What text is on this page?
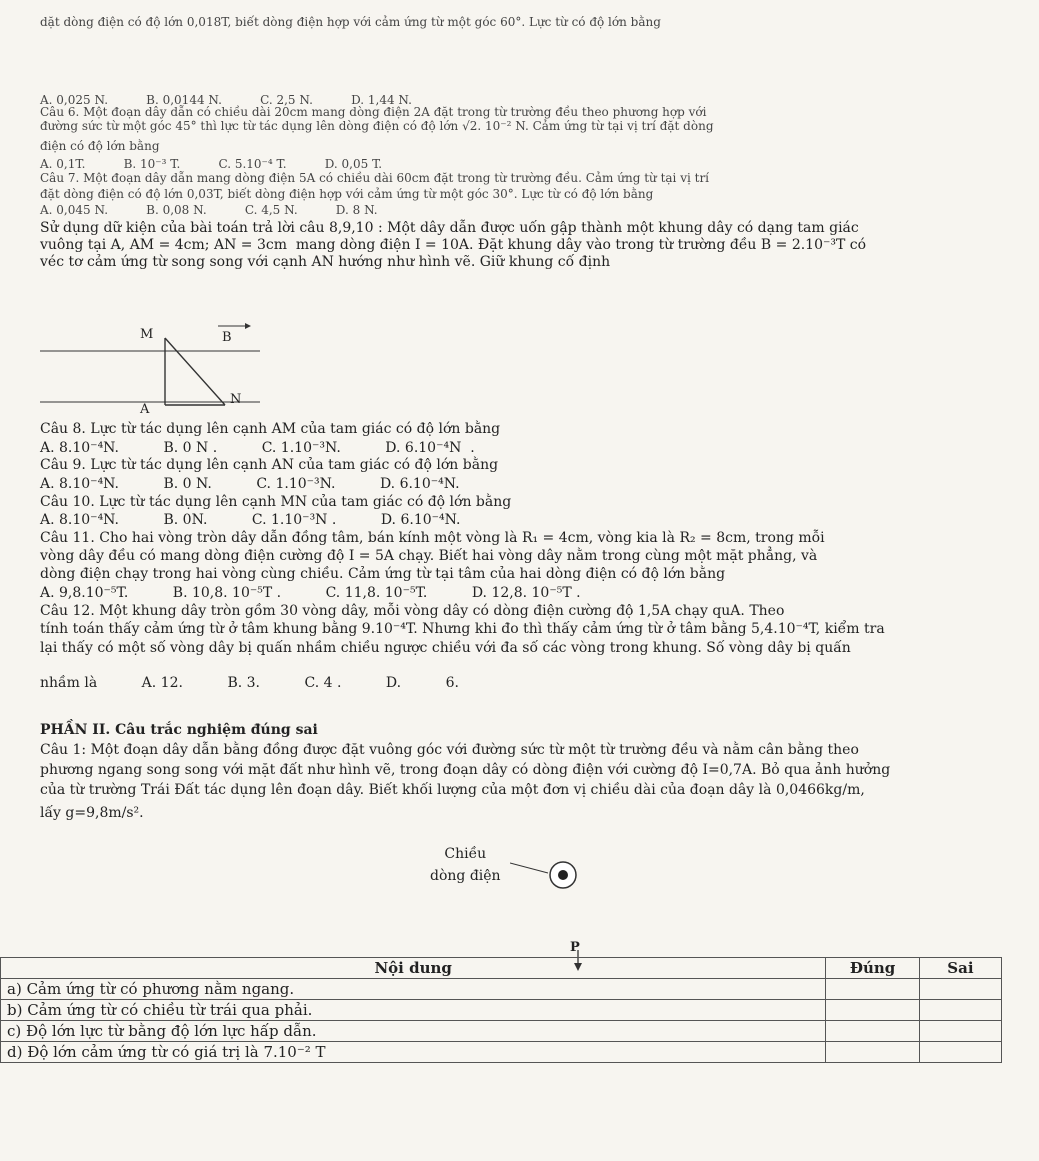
dặt dòng điện có độ lớn 0,018T, biết dòng điện hợp với cảm ứng từ một góc 60°. Lực từ có độ lớn bằng
A. 0,025 N.          B. 0,0144 N.          C. 2,5 N.          D. 1,44 N.
Câu 6. Một đoạn dây dẫn có chiều dài 20cm mang dòng điện 2A đặt trong từ trường đều theo phương hợp với
đường sức từ một góc 45° thì lực từ tác dụng lên dòng điện có độ lớn √2. 10⁻² N. Cảm ứng từ tại vị trí đặt dòng
điện có độ lớn bằng
A. 0,1T.          B. 10⁻³ T.          C. 5.10⁻⁴ T.          D. 0,05 T.
Câu 7. Một đoạn dây dẫn mang dòng điện 5A có chiều dài 60cm đặt trong từ trường đều. Cảm ứng từ tại vị trí
đặt dòng điện có độ lớn 0,03T, biết dòng điện hợp với cảm ứng từ một góc 30°. Lực từ có độ lớn bằng
A. 0,045 N.          B. 0,08 N.          C. 4,5 N.          D. 8 N.
Sử dụng dữ kiện của bài toán trả lời câu 8,9,10 : Một dây dẫn được uốn gập thành một khung dây có dạng tam giác
vuông tại A, AM = 4cm; AN = 3cm  mang dòng điện I = 10A. Đặt khung dây vào trong từ trường đều B = 2.10⁻³T có
véc tơ cảm ứng từ song song với cạnh AN hướng như hình vẽ. Giữ khung cố định
Câu 8. Lực từ tác dụng lên cạnh AM của tam giác có độ lớn bằng
A. 8.10⁻⁴N.          B. 0 N .          C. 1.10⁻³N.          D. 6.10⁻⁴N  .
Câu 9. Lực từ tác dụng lên cạnh AN của tam giác có độ lớn bằng
A. 8.10⁻⁴N.          B. 0 N.          C. 1.10⁻³N.          D. 6.10⁻⁴N.
Câu 10. Lực từ tác dụng lên cạnh MN của tam giác có độ lớn bằng
A. 8.10⁻⁴N.          B. 0N.          C. 1.10⁻³N .          D. 6.10⁻⁴N.
Câu 11. Cho hai vòng tròn dây dẫn đồng tâm, bán kính một vòng là R₁ = 4cm, vòng kia là R₂ = 8cm, trong mỗi
vòng dây đều có mang dòng điện cường độ I = 5A chạy. Biết hai vòng dây nằm trong cùng một mặt phẳng, và
dòng điện chạy trong hai vòng cùng chiều. Cảm ứng từ tại tâm của hai dòng điện có độ lớn bằng
A. 9,8.10⁻⁵T.          B. 10,8. 10⁻⁵T .          C. 11,8. 10⁻⁵T.          D. 12,8. 10⁻⁵T .
Câu 12. Một khung dây tròn gồm 30 vòng dây, mỗi vòng dây có dòng điện cường độ 1,5A chạy quA. Theo
tính toán thấy cảm ứng từ ở tâm khung bằng 9.10⁻⁴T. Nhưng khi đo thì thấy cảm ứng từ ở tâm bằng 5,4.10⁻⁴T, kiểm tra
lại thấy có một số vòng dây bị quấn nhầm chiều ngược chiều với đa số các vòng trong khung. Số vòng dây bị quấn
nhầm là          A. 12.          B. 3.          C. 4 .          D.          6.
PHẦN II. Câu trắc nghiệm đúng sai
Câu 1: Một đoạn dây dẫn bằng đồng được đặt vuông góc với đường sức từ một từ trường đều và nằm cân bằng theo
phương ngang song song với mặt đất như hình vẽ, trong đoạn dây có dòng điện với cường độ I=0,7A. Bỏ qua ảnh hưởng
của từ trường Trái Đất tác dụng lên đoạn dây. Biết khối lượng của một đơn vị chiều dài của đoạn dây là 0,0466kg/m,
lấy g=9,8m/s².
M	B
A
N
Chiều
dòng điện
P
Nội dung	Đúng	Sai
a) Cảm ứng từ có phương nằm ngang.		
b) Cảm ứng từ có chiều từ trái qua phải.		
c) Độ lớn lực từ bằng độ lớn lực hấp dẫn.		
d) Độ lớn cảm ứng từ có giá trị là 7.10⁻² T		
